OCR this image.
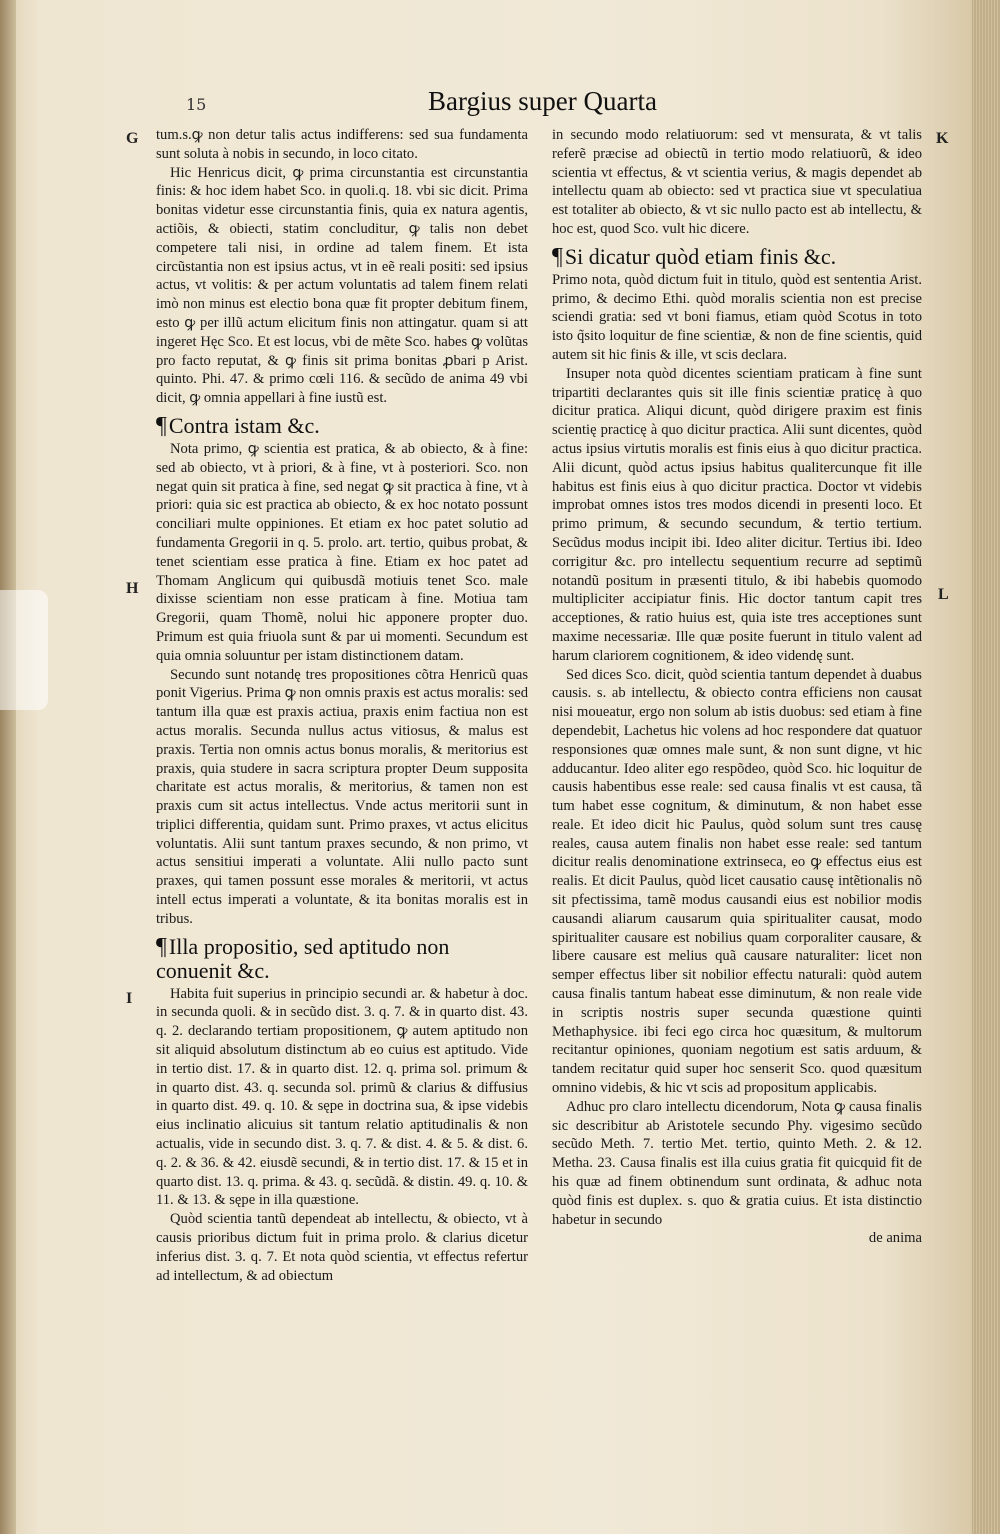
15	Bargius super Quarta
G
H
I
K
L

tum.s.ꝙ non detur talis actus indifferens: sed sua fundamenta sunt soluta à nobis in secundo, in loco citato.

Hic Henricus dicit, ꝙ prima circunstantia est circunstantia finis: & hoc idem habet Sco. in quoli.q. 18. vbi sic dicit. Prima bonitas videtur esse circunstantia finis, quia ex natura agentis, actiõis, & obiecti, statim concluditur, ꝙ talis non debet competere tali nisi, in ordine ad talem finem. Et ista circũstantia non est ipsius actus, vt in eẽ reali positi: sed ipsius actus, vt volitis: & per actum voluntatis ad talem finem relati imò non minus est electio bona quæ fit propter debitum finem, esto ꝙ per illũ actum elicitum finis non attingatur. quam si att ingeret Hęc Sco. Et est locus, vbi de mẽte Sco. habes ꝙ volũtas pro facto reputat, & ꝙ finis sit prima bonitas ꝓbari p Arist. quinto. Phi. 47. & primo cœli 116. & secũdo de anima 49 vbi dicit, ꝙ omnia appellari à fine iustũ est.

¶Contra istam &c.

Nota primo, ꝙ scientia est pratica, & ab obiecto, & à fine: sed ab obiecto, vt à priori, & à fine, vt à posteriori. Sco. non negat quin sit pratica à fine, sed negat ꝙ sit practica à fine, vt à priori: quia sic est practica ab obiecto, & ex hoc notato possunt conciliari multe oppiniones. Et etiam ex hoc patet solutio ad fundamenta Gregorii in q. 5. prolo. art. tertio, quibus probat, & tenet scientiam esse pratica à fine. Etiam ex hoc patet ad Thomam Anglicum qui quibusdã motiuis tenet Sco. male dixisse scientiam non esse praticam à fine. Motiua tam Gregorii, quam Thomẽ, nolui hic apponere propter duo. Primum est quia friuola sunt & par ui momenti. Secundum est quia omnia soluuntur per istam distinctionem datam.

Secundo sunt notandę tres propositiones cõtra Henricũ quas ponit Vigerius. Prima ꝙ non omnis praxis est actus moralis: sed tantum illa quæ est praxis actiua, praxis enim factiua non est actus moralis. Secunda nullus actus vitiosus, & malus est praxis. Tertia non omnis actus bonus moralis, & meritorius est praxis, quia studere in sacra scriptura propter Deum supposita charitate est actus moralis, & meritorius, & tamen non est praxis cum sit actus intellectus. Vnde actus meritorii sunt in triplici differentia, quidam sunt. Primo praxes, vt actus elicitus voluntatis. Alii sunt tantum praxes secundo, & non primo, vt actus sensitiui imperati a voluntate. Alii nullo pacto sunt praxes, qui tamen possunt esse morales & meritorii, vt actus intell ectus imperati a voluntate, & ita bonitas moralis est in tribus.

¶Illa propositio, sed aptitudo non conuenit &c.

Habita fuit superius in principio secundi ar. & habetur à doc. in secunda quoli. & in secũdo dist. 3. q. 7. & in quarto dist. 43. q. 2. declarando tertiam propositionem, ꝙ autem aptitudo non sit aliquid absolutum distinctum ab eo cuius est aptitudo. Vide in tertio dist. 17. & in quarto dist. 12. q. prima sol. primum & in quarto dist. 43. q. secunda sol. primũ & clarius & diffusius in quarto dist. 49. q. 10. & sępe in doctrina sua, & ipse videbis eius inclinatio alicuius sit tantum relatio aptitudinalis & non actualis, vide in secundo dist. 3. q. 7. & dist. 4. & 5. & dist. 6. q. 2. & 36. & 42. eiusdẽ secundi, & in tertio dist. 17. & 15 et in quarto dist. 13. q. prima. & 43. q. secũdã. & distin. 49. q. 10. & 11. & 13. & sępe in illa quæstione.

Quòd scientia tantũ dependeat ab intellectu, & obiecto, vt à causis prioribus dictum fuit in prima prolo. & clarius dicetur inferius dist. 3. q. 7. Et nota quòd scientia, vt effectus refertur ad intellectum, & ad obiectum

in secundo modo relatiuorum: sed vt mensurata, & vt talis referẽ præcise ad obiectũ in tertio modo relatiuorũ, & ideo scientia vt effectus, & vt scientia verius, & magis dependet ab intellectu quam ab obiecto: sed vt practica siue vt speculatiua est totaliter ab obiecto, & vt sic nullo pacto est ab intellectu, & hoc est, quod Sco. vult hic dicere.

¶Si dicatur quòd etiam finis &c.

Primo nota, quòd dictum fuit in titulo, quòd est sententia Arist. primo, & decimo Ethi. quòd moralis scientia non est precise sciendi gratia: sed vt boni fiamus, etiam quòd Scotus in toto isto q̃sito loquitur de fine scientiæ, & non de fine scientis, quid autem sit hic finis & ille, vt scis declara.

Insuper nota quòd dicentes scientiam praticam à fine sunt tripartiti declarantes quis sit ille finis scientiæ praticę à quo dicitur pratica. Aliqui dicunt, quòd dirigere praxim est finis scientię practicę à quo dicitur practica. Alii sunt dicentes, quòd actus ipsius virtutis moralis est finis eius à quo dicitur practica. Alii dicunt, quòd actus ipsius habitus qualitercunque fit ille habitus est finis eius à quo dicitur practica. Doctor vt videbis improbat omnes istos tres modos dicendi in presenti loco. Et primo primum, & secundo secundum, & tertio tertium. Secũdus modus incipit ibi. Ideo aliter dicitur. Tertius ibi. Ideo corrigitur &c. pro intellectu sequentium recurre ad septimũ notandũ positum in præsenti titulo, & ibi habebis quomodo multipliciter accipiatur finis. Hic doctor tantum capit tres acceptiones, & ratio huius est, quia iste tres acceptiones sunt maxime necessariæ. Ille quæ posite fuerunt in titulo valent ad harum clariorem cognitionem, & ideo videndę sunt.

Sed dices Sco. dicit, quòd scientia tantum dependet à duabus causis. s. ab intellectu, & obiecto contra efficiens non causat nisi moueatur, ergo non solum ab istis duobus: sed etiam à fine dependebit, Lachetus hic volens ad hoc respondere dat quatuor responsiones quæ omnes male sunt, & non sunt digne, vt hic adducantur. Ideo aliter ego respõdeo, quòd Sco. hic loquitur de causis habentibus esse reale: sed causa finalis vt est causa, tã tum habet esse cognitum, & diminutum, & non habet esse reale. Et ideo dicit hic Paulus, quòd solum sunt tres causę reales, causa autem finalis non habet esse reale: sed tantum dicitur realis denominatione extrinseca, eo ꝙ effectus eius est realis. Et dicit Paulus, quòd licet causatio causę intẽtionalis nõ sit pfectissima, tamẽ modus causandi eius est nobilior modis causandi aliarum causarum quia spiritualiter causat, modo spiritualiter causare est nobilius quam corporaliter causare, & libere causare est melius quã causare naturaliter: licet non semper effectus liber sit nobilior effectu naturali: quòd autem causa finalis tantum habeat esse diminutum, & non reale vide in scriptis nostris super secunda quæstione quinti Methaphysice. ibi feci ego circa hoc quæsitum, & multorum recitantur opiniones, quoniam negotium est satis arduum, & tandem recitatur quid super hoc senserit Sco. quod quæsitum omnino videbis, & hic vt scis ad propositum applicabis.

Adhuc pro claro intellectu dicendorum, Nota ꝙ causa finalis sic describitur ab Aristotele secundo Phy. vigesimo secũdo secũdo Meth. 7. tertio Met. tertio, quinto Meth. 2. & 12. Metha. 23. Causa finalis est illa cuius gratia fit quicquid fit de his quæ ad finem obtinendum sunt ordinata, & adhuc nota quòd finis est duplex. s. quo & gratia cuius. Et ista distinctio habetur in secundo

de anima
